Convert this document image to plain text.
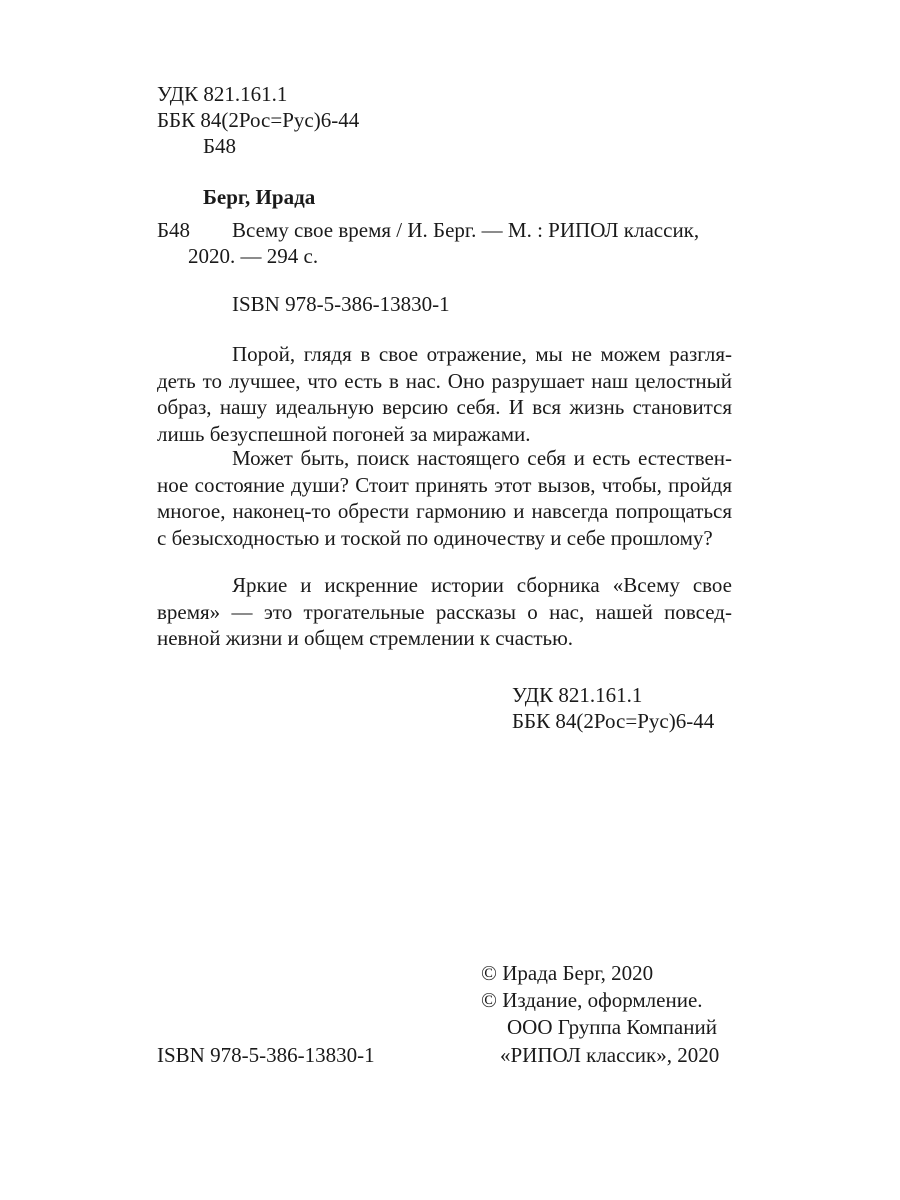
УДК 821.161.1
ББК 84(2Рос=Рус)6-44
Б48
Берг, Ирада
Б48 Всему свое время / И. Берг. — М. : РИПОЛ классик,
2020. — 294 с.
ISBN 978-5-386-13830-1
Порой, глядя в свое отражение, мы не можем разглядеть то лучшее, что есть в нас. Оно разрушает наш целостный образ, нашу идеальную версию себя. И вся жизнь становится лишь безуспешной погоней за миражами.
Может быть, поиск настоящего себя и есть естественное состояние души? Стоит принять этот вызов, чтобы, пройдя многое, наконец-то обрести гармонию и навсегда попрощаться с безысходностью и тоской по одиночеству и себе прошлому?
Яркие и искренние истории сборника «Всему свое время» — это трогательные рассказы о нас, нашей повседневной жизни и общем стремлении к счастью.
УДК 821.161.1
ББК 84(2Рос=Рус)6-44
ISBN 978-5-386-13830-1
© Ирада Берг, 2020
© Издание, оформление.
ООО Группа Компаний
«РИПОЛ классик», 2020
